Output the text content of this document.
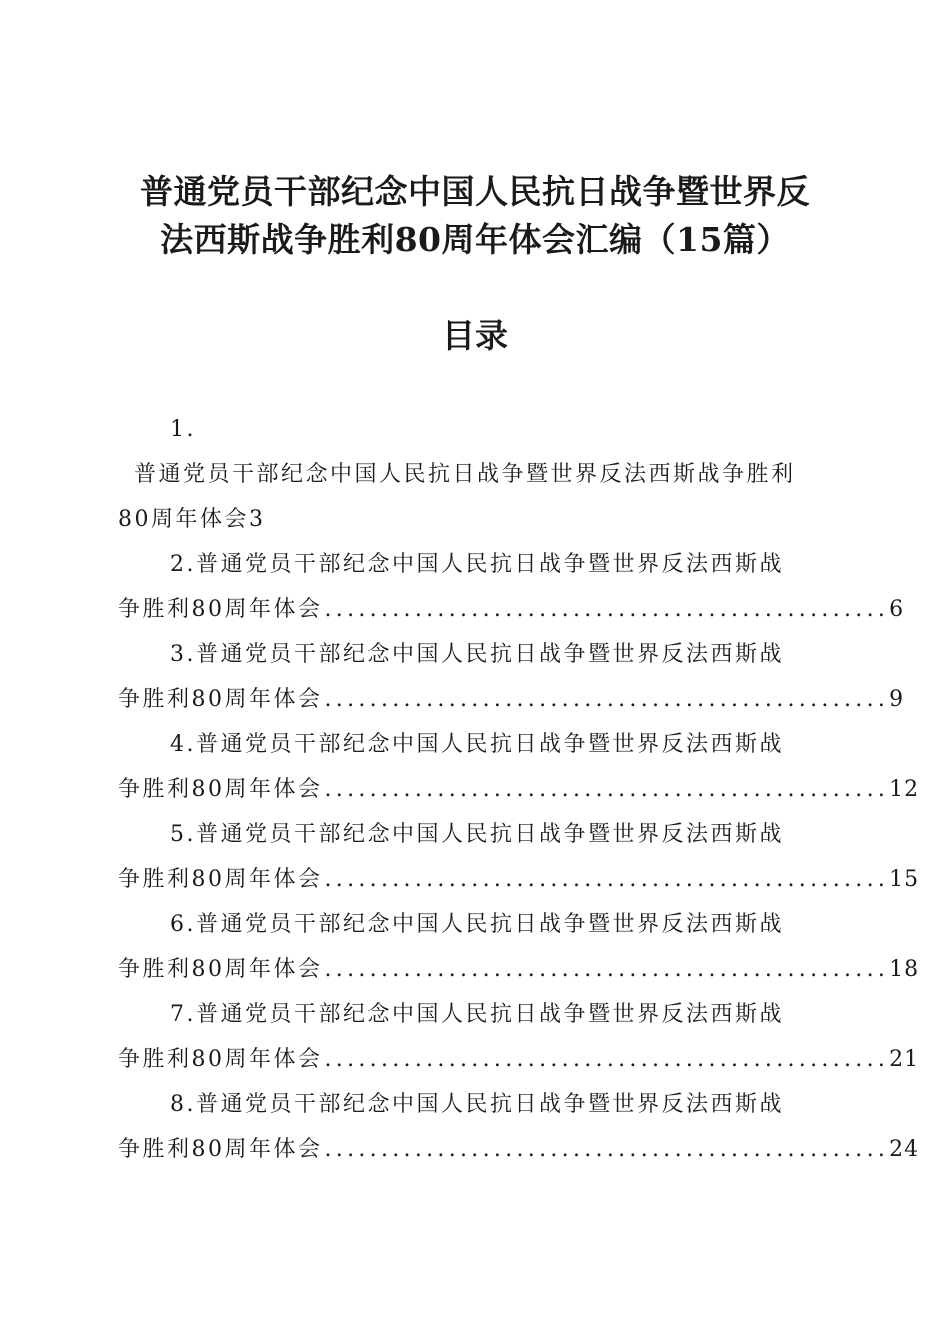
普通党员干部纪念中国人民抗日战争暨世界反
法西斯战争胜利80周年体会汇编（15篇）
目录
1.
普通党员干部纪念中国人民抗日战争暨世界反法西斯战争胜利
80周年体会3
2.普通党员干部纪念中国人民抗日战争暨世界反法西斯战
争胜利80周年体会 .................................................. 6
3.普通党员干部纪念中国人民抗日战争暨世界反法西斯战
争胜利80周年体会 .................................................. 9
4.普通党员干部纪念中国人民抗日战争暨世界反法西斯战
争胜利80周年体会 .................................................. 12
5.普通党员干部纪念中国人民抗日战争暨世界反法西斯战
争胜利80周年体会 .................................................. 15
6.普通党员干部纪念中国人民抗日战争暨世界反法西斯战
争胜利80周年体会 .................................................. 18
7.普通党员干部纪念中国人民抗日战争暨世界反法西斯战
争胜利80周年体会 .................................................. 21
8.普通党员干部纪念中国人民抗日战争暨世界反法西斯战
争胜利80周年体会 .................................................. 24
